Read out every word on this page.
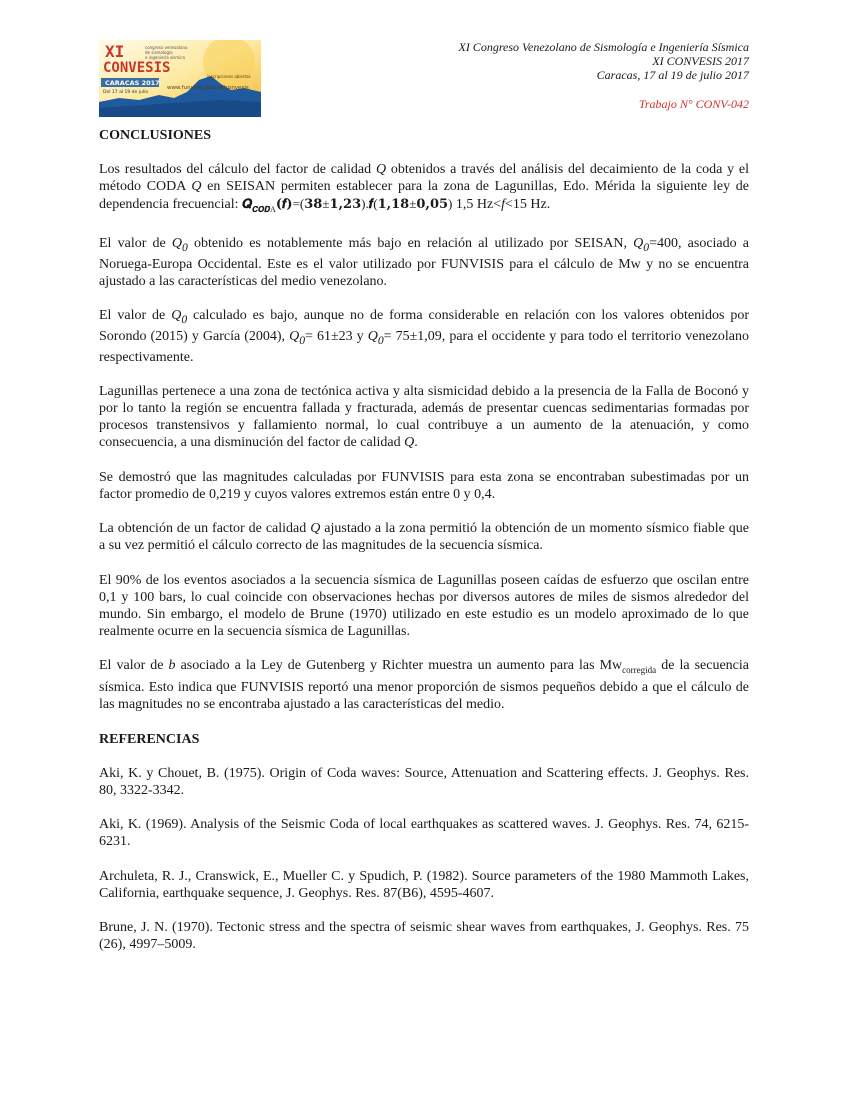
XI
CONVESIS
congreso venezolano
de sismología
e ingeniería sísmica
CARACAS 2017
Del 17 al 19 de julio
inscripciones abiertas
www.funvisis.gob.ve/convesis
XI Congreso Venezolano de Sismología e Ingeniería Sísmica
XI CONVESIS 2017
Caracas, 17 al 19 de julio 2017
Trabajo N° CONV-042
CONCLUSIONES

Los resultados del cálculo del factor de calidad Q obtenidos a través del análisis del decaimiento de la coda y el método CODA Q en SEISAN permiten establecer para la zona de Lagunillas, Edo. Mérida la siguiente ley de dependencia frecuencial: 𝑸$_{𝑪𝑶𝑫A}$(𝒇)=(𝟑𝟖±𝟏,𝟐𝟑).𝒇(𝟏,𝟏𝟖±𝟎,𝟎𝟓) 1,5 Hz<f<15 Hz.

El valor de $Q_0$ obtenido es notablemente más bajo en relación al utilizado por SEISAN, $Q_0=400$, asociado a Noruega-Europa Occidental. Este es el valor utilizado por FUNVISIS para el cálculo de Mw y no se encuentra ajustado a las características del medio venezolano.

El valor de $Q_0$ calculado es bajo, aunque no de forma considerable en relación con los valores obtenidos por Sorondo (2015) y García (2004), $Q_0= 61\pm 23$ y $Q_0= 75\pm 1,09$, para el occidente y para todo el territorio venezolano respectivamente.

Lagunillas pertenece a una zona de tectónica activa y alta sismicidad debido a la presencia de la Falla de Boconó y por lo tanto la región se encuentra fallada y fracturada, además de presentar cuencas sedimentarias formadas por procesos transtensivos y fallamiento normal, lo cual contribuye a un aumento de la atenuación, y como consecuencia, a una disminución del factor de calidad Q.

Se demostró que las magnitudes calculadas por FUNVISIS para esta zona se encontraban subestimadas por un factor promedio de 0,219 y cuyos valores extremos están entre 0 y 0,4.

La obtención de un factor de calidad Q ajustado a la zona permitió la obtención de un momento sísmico fiable que a su vez permitió el cálculo correcto de las magnitudes de la secuencia sísmica.

El 90% de los eventos asociados a la secuencia sísmica de Lagunillas poseen caídas de esfuerzo que oscilan entre 0,1 y 100 bars, lo cual coincide con observaciones hechas por diversos autores de miles de sismos alrededor del mundo. Sin embargo, el modelo de Brune (1970) utilizado en este estudio es un modelo aproximado de lo que realmente ocurre en la secuencia sísmica de Lagunillas.

El valor de b asociado a la Ley de Gutenberg y Richter muestra un aumento para las $Mw_{corregida}$ de la secuencia sísmica. Esto indica que FUNVISIS reportó una menor proporción de sismos pequeños debido a que el cálculo de las magnitudes no se encontraba ajustado a las características del medio.

REFERENCIAS

Aki, K. y Chouet, B. (1975). Origin of Coda waves: Source, Attenuation and Scattering effects. J. Geophys. Res. 80, 3322-3342.

Aki, K. (1969). Analysis of the Seismic Coda of local earthquakes as scattered waves. J. Geophys. Res. 74, 6215-6231.

Archuleta, R. J., Cranswick, E., Mueller C. y Spudich, P. (1982). Source parameters of the 1980 Mammoth Lakes, California, earthquake sequence, J. Geophys. Res. 87(B6), 4595-4607.

Brune, J. N. (1970). Tectonic stress and the spectra of seismic shear waves from earthquakes, J. Geophys. Res. 75 (26), 4997–5009.
